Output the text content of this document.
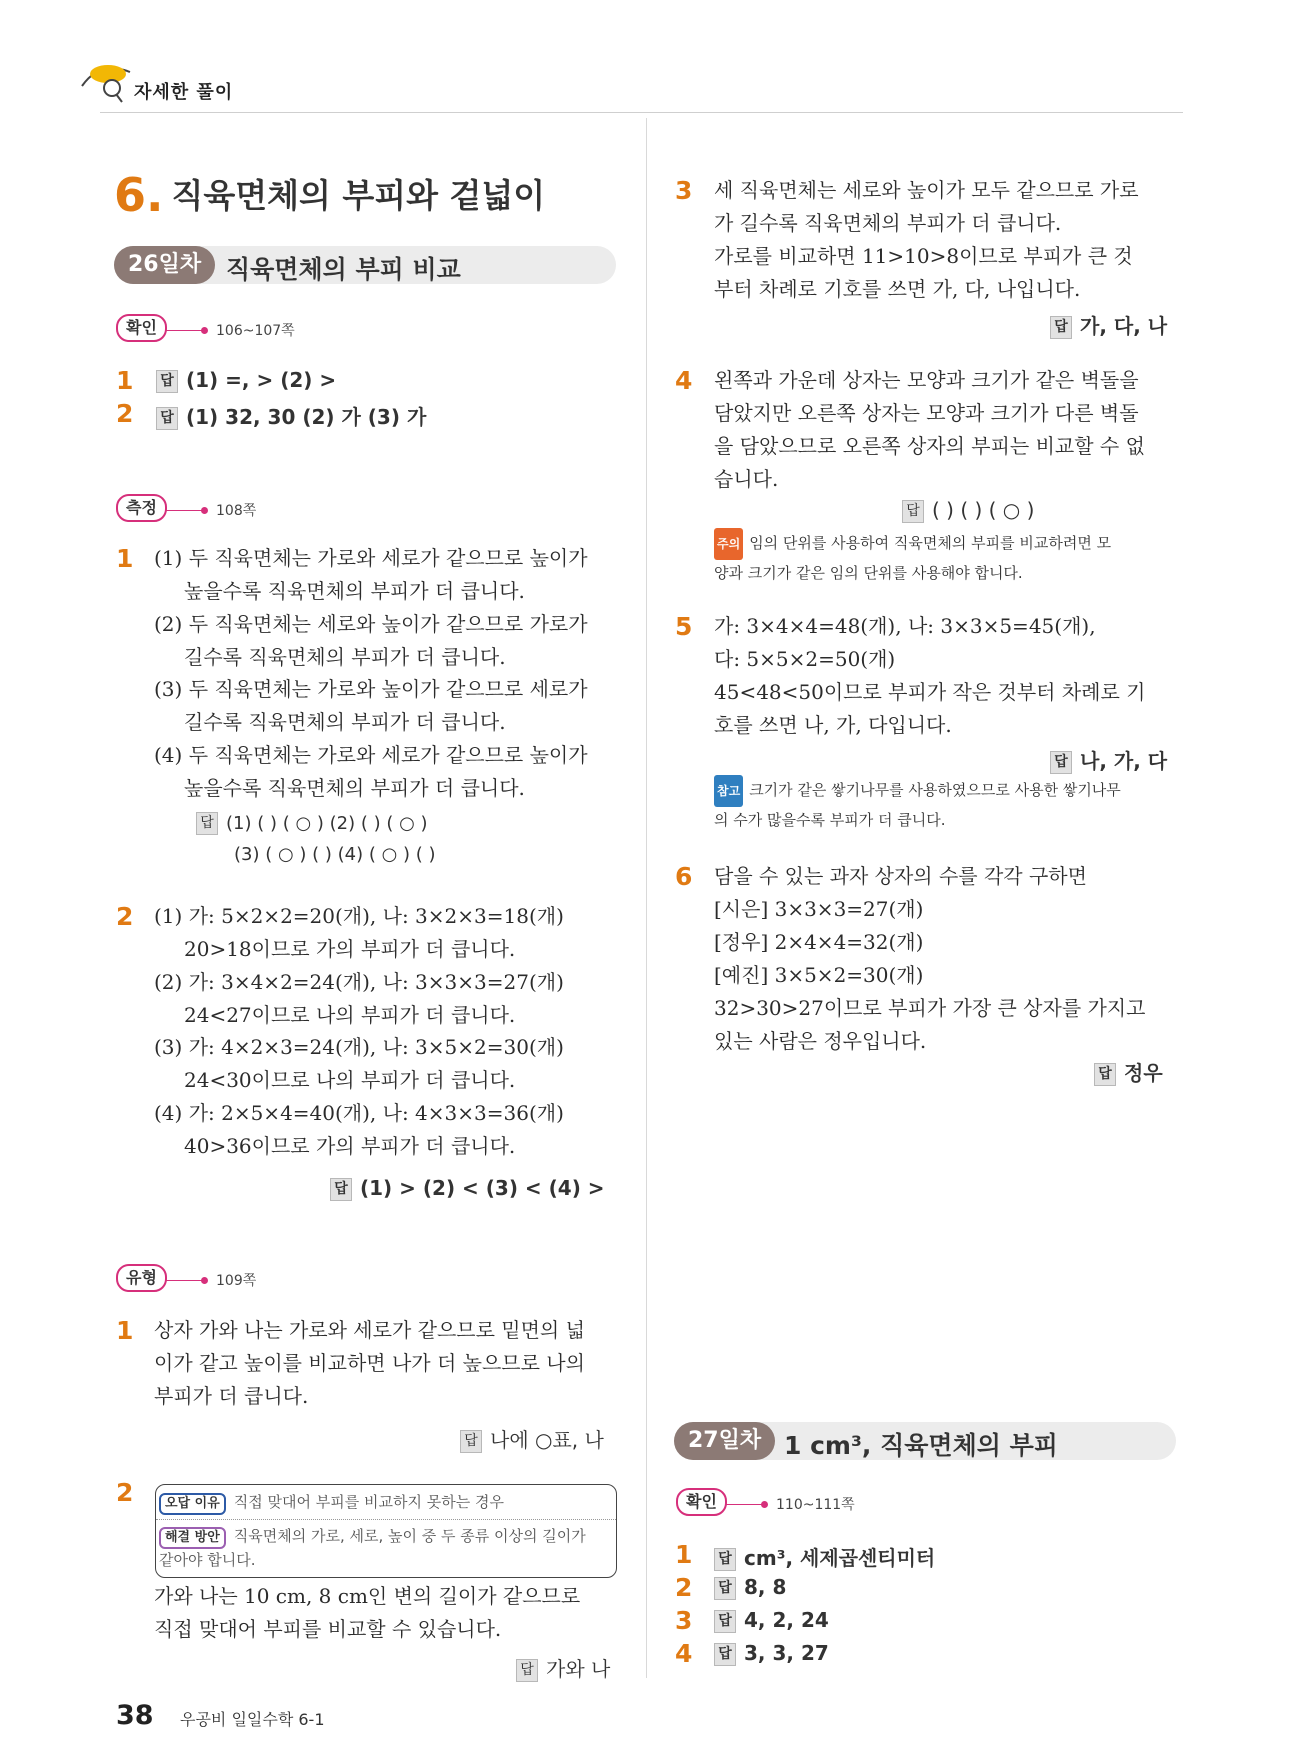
자세한 풀이
6. 직육면체의 부피와 겉넓이
26일차 직육면체의 부피 비교
확인	106~107쪽
1	답 (1) =, > (2) >
2	답 (1) 32, 30 (2) 가 (3) 가
측정	108쪽
1 (1) 두 직육면체는 가로와 세로가 같으므로 높이가
높을수록 직육면체의 부피가 더 큽니다.
(2) 두 직육면체는 세로와 높이가 같으므로 가로가
길수록 직육면체의 부피가 더 큽니다.
(3) 두 직육면체는 가로와 높이가 같으므로 세로가
길수록 직육면체의 부피가 더 큽니다.
(4) 두 직육면체는 가로와 세로가 같으므로 높이가
높을수록 직육면체의 부피가 더 큽니다.
답 (1) ( ) ( ○ ) (2) ( ) ( ○ )
(3) ( ○ ) ( ) (4) ( ○ ) ( )
2 (1) 가: 5×2×2=20(개), 나: 3×2×3=18(개)
20>18이므로 가의 부피가 더 큽니다.
(2) 가: 3×4×2=24(개), 나: 3×3×3=27(개)
24<27이므로 나의 부피가 더 큽니다.
(3) 가: 4×2×3=24(개), 나: 3×5×2=30(개)
24<30이므로 나의 부피가 더 큽니다.
(4) 가: 2×5×4=40(개), 나: 4×3×3=36(개)
40>36이므로 가의 부피가 더 큽니다.
답 (1) > (2) < (3) < (4) >
유형	109쪽
1 상자 가와 나는 가로와 세로가 같으므로 밑면의 넓
이가 같고 높이를 비교하면 나가 더 높으므로 나의
부피가 더 큽니다.
답 나에 ○표, 나
2	오답 이유 직접 맞대어 부피를 비교하지 못하는 경우
해결 방안 직육면체의 가로, 세로, 높이 중 두 종류 이상의 길이가
같아야 합니다.
가와 나는 10 cm, 8 cm인 변의 길이가 같으므로
직접 맞대어 부피를 비교할 수 있습니다.
답 가와 나
3 세 직육면체는 세로와 높이가 모두 같으므로 가로
가 길수록 직육면체의 부피가 더 큽니다.
가로를 비교하면 11>10>8이므로 부피가 큰 것
부터 차례로 기호를 쓰면 가, 다, 나입니다.
답 가, 다, 나
4 왼쪽과 가운데 상자는 모양과 크기가 같은 벽돌을
담았지만 오른쪽 상자는 모양과 크기가 다른 벽돌
을 담았으므로 오른쪽 상자의 부피는 비교할 수 없
습니다.
답 ( ) ( ) ( ○ )
주의 임의 단위를 사용하여 직육면체의 부피를 비교하려면 모
양과 크기가 같은 임의 단위를 사용해야 합니다.
5 가: 3×4×4=48(개), 나: 3×3×5=45(개),
다: 5×5×2=50(개)
45<48<50이므로 부피가 작은 것부터 차례로 기
호를 쓰면 나, 가, 다입니다.
답 나, 가, 다
참고 크기가 같은 쌓기나무를 사용하였으므로 사용한 쌓기나무
의 수가 많을수록 부피가 더 큽니다.
6 담을 수 있는 과자 상자의 수를 각각 구하면
[시은] 3×3×3=27(개)
[정우] 2×4×4=32(개)
[예진] 3×5×2=30(개)
32>30>27이므로 부피가 가장 큰 상자를 가지고
있는 사람은 정우입니다.
답 정우
27일차 1 cm³, 직육면체의 부피
확인	110~111쪽
1	답 cm³, 세제곱센티미터
2	답 8, 8
3	답 4, 2, 24
4	답 3, 3, 27
38 우공비 일일수학 6-1
